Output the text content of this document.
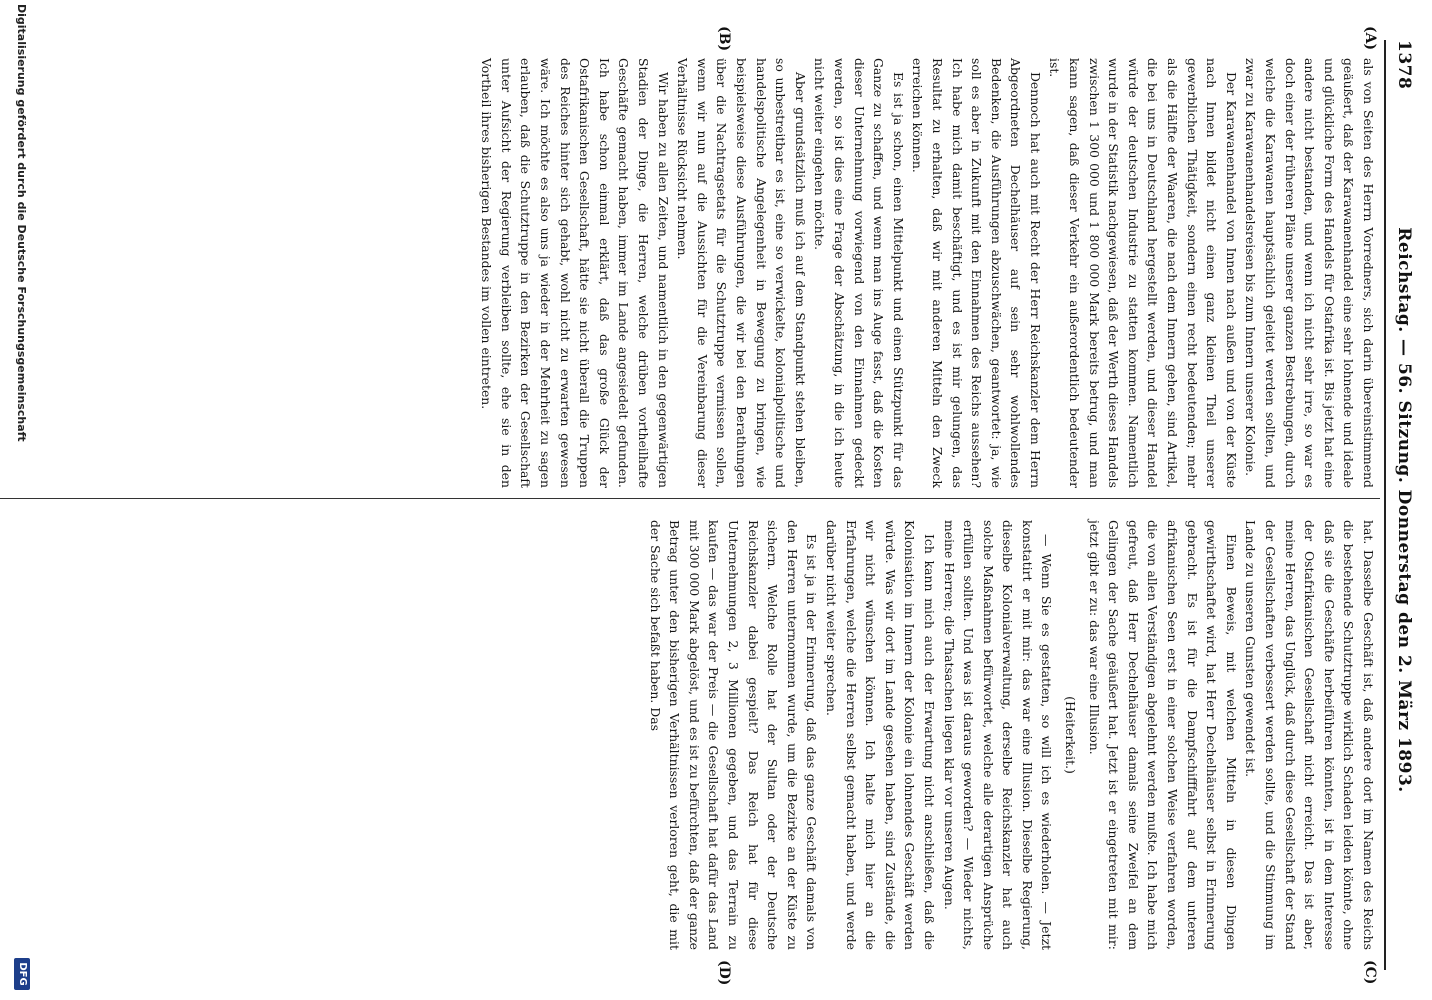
1378
Reichstag. — 56. Sitzung. Donnerstag den 2. März 1893.
(A)
(B)
(C)
(D)

als von Seiten des Herrn Vorredners, sich darin übereinstimmend geäußert, daß der Karawanenhandel eine sehr lohnende und ideale und glückliche Form des Handels für Ostafrika ist. Bis jetzt hat eine andere nicht bestanden, und wenn ich nicht sehr irre, so war es doch einer der früheren Pläne unserer ganzen Bestrebungen, durch welche die Karawanen hauptsächlich geleitet werden sollten, und zwar zu Karawanenhandelsreisen bis zum Innern unserer Kolonie.

Der Karawanenhandel von Innen nach außen und von der Küste nach Innen bildet nicht einen ganz kleinen Theil unserer gewerblichen Thätigkeit, sondern einen recht bedeutenden; mehr als die Hälfte der Waaren, die nach dem Innern gehen, sind Artikel, die bei uns in Deutschland hergestellt werden, und dieser Handel würde der deutschen Industrie zu statten kommen. Namentlich wurde in der Statistik nachgewiesen, daß der Werth dieses Handels zwischen 1 300 000 und 1 800 000 Mark bereits betrug, und man kann sagen, daß dieser Verkehr ein außerordentlich bedeutender ist.

Dennoch hat auch mit Recht der Herr Reichskanzler dem Herrn Abgeordneten Dechelhäuser auf sein sehr wohlwollendes Bedenken, die Ausführungen abzuschwächen, geantwortet: ja, wie soll es aber in Zukunft mit den Einnahmen des Reichs aussehen? Ich habe mich damit beschäftigt, und es ist mir gelungen, das Resultat zu erhalten, daß wir mit anderen Mitteln den Zweck erreichen können.

Es ist ja schon, einen Mittelpunkt und einen Stützpunkt für das Ganze zu schaffen, und wenn man ins Auge fasst, daß die Kosten dieser Unternehmung vorwiegend von den Einnahmen gedeckt werden, so ist dies eine Frage der Abschätzung, in die ich heute nicht weiter eingehen möchte.

Aber grundsätzlich muß ich auf dem Standpunkt stehen bleiben, so unbestreitbar es ist, eine so verwickelte, kolonialpolitische und handelspolitische Angelegenheit in Bewegung zu bringen, wie beispielsweise diese Ausführungen, die wir bei den Berathungen über die Nachtragsetats für die Schutztruppe vermissen sollen, wenn wir nun auf die Aussichten für die Vereinbarung dieser Verhältnisse Rücksicht nehmen.

Wir haben zu allen Zeiten, und namentlich in den gegenwärtigen Stadien der Dinge, die Herren, welche drüben vortheilhafte Geschäfte gemacht haben, immer im Lande angesiedelt gefunden. Ich habe schon einmal erklärt, daß das große Glück der Ostafrikanischen Gesellschaft, hätte sie nicht überall die Truppen des Reiches hinter sich gehabt, wohl nicht zu erwarten gewesen wäre. Ich möchte es also uns ja wieder in der Mehrheit zu sagen erlauben, daß die Schutztruppe in den Bezirken der Gesellschaft unter Aufsicht der Regierung verbleiben sollte, ehe sie in den Vortheil ihres bisherigen Bestandes im vollen eintreten.

hat. Dasselbe Geschäft ist, daß andere dort im Namen des Reichs die bestehende Schutztruppe wirklich Schaden leiden könnte, ohne daß sie die Geschäfte herbeiführen könnten, ist in dem Interesse der Ostafrikanischen Gesellschaft nicht erreicht. Das ist aber, meine Herren, das Unglück, daß durch diese Gesellschaft der Stand der Gesellschaften verbessert werden sollte, und die Stimmung im Lande zu unseren Gunsten gewendet ist.

Einen Beweis, mit welchen Mitteln in diesen Dingen gewirthschaftet wird, hat Herr Dechelhäuser selbst in Erinnerung gebracht. Es ist für die Dampfschifffahrt auf dem unteren afrikanischen Seen erst in einer solchen Weise verfahren worden, die von allen Verständigen abgelehnt werden mußte. Ich habe mich gefreut, daß Herr Dechelhäuser damals seine Zweifel an dem Gelingen der Sache geäußert hat. Jetzt ist er eingetreten mit mir: jetzt gibt er zu: das war eine Illusion.

(Heiterkeit.)

— Wenn Sie es gestatten, so will ich es wiederholen. — Jetzt konstatirt er mit mir: das war eine Illusion. Dieselbe Regierung, dieselbe Kolonialverwaltung, derselbe Reichskanzler hat auch solche Maßnahmen befürwortet, welche alle derartigen Ansprüche erfüllen sollten. Und was ist daraus geworden? — Wieder nichts, meine Herren; die Thatsachen liegen klar vor unseren Augen.

Ich kann mich auch der Erwartung nicht anschließen, daß die Kolonisation im Innern der Kolonie ein lohnendes Geschäft werden würde. Was wir dort im Lande gesehen haben, sind Zustände, die wir nicht wünschen können. Ich halte mich hier an die Erfahrungen, welche die Herren selbst gemacht haben, und werde darüber nicht weiter sprechen.

Es ist ja in der Erinnerung, daß das ganze Geschäft damals von den Herren unternommen wurde, um die Bezirke an der Küste zu sichern. Welche Rolle hat der Sultan oder der Deutsche Reichskanzler dabei gespielt? Das Reich hat für diese Unternehmungen 2, 3 Millionen gegeben, und das Terrain zu kaufen — das war der Preis — die Gesellschaft hat dafür das Land mit 300 000 Mark abgelöst, und es ist zu befürchten, daß der ganze Betrag unter den bisherigen Verhältnissen verloren geht, die mit der Sache sich befaßt haben. Das

Digitalisierung gefördert durch die Deutsche Forschungsgemeinschaft
DFG
